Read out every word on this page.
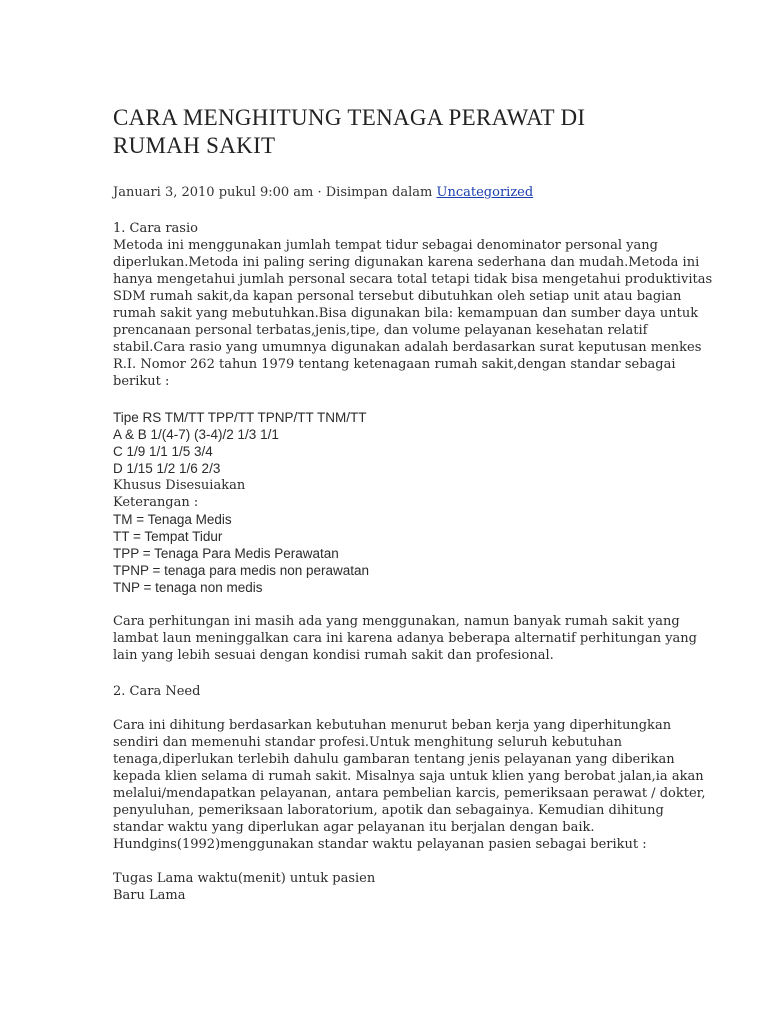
CARA MENGHITUNG TENAGA PERAWAT DI
RUMAH SAKIT
Januari 3, 2010 pukul 9:00 am · Disimpan dalam Uncategorized
1. Cara rasio

Metoda ini menggunakan jumlah tempat tidur sebagai denominator personal yang
diperlukan.Metoda ini paling sering digunakan karena sederhana dan mudah.Metoda ini
hanya mengetahui jumlah personal secara total tetapi tidak bisa mengetahui produktivitas
SDM rumah sakit,da kapan personal tersebut dibutuhkan oleh setiap unit atau bagian
rumah sakit yang mebutuhkan.Bisa digunakan bila: kemampuan dan sumber daya untuk
prencanaan personal terbatas,jenis,tipe, dan volume pelayanan kesehatan relatif
stabil.Cara rasio yang umumnya digunakan adalah berdasarkan surat keputusan menkes
R.I. Nomor 262 tahun 1979 tentang ketenagaan rumah sakit,dengan standar sebagai
berikut :

Tipe RS TM/TT TPP/TT TPNP/TT TNM/TT
A & B 1/(4-7) (3-4)/2 1/3 1/1
C 1/9 1/1 1/5 3/4
D 1/15 1/2 1/6 2/3
Khusus Disesuiakan
Keterangan :
TM = Tenaga Medis
TT = Tempat Tidur
TPP = Tenaga Para Medis Perawatan
TPNP = tenaga para medis non perawatan
TNP = tenaga non medis

Cara perhitungan ini masih ada yang menggunakan, namun banyak rumah sakit yang
lambat laun meninggalkan cara ini karena adanya beberapa alternatif perhitungan yang
lain yang lebih sesuai dengan kondisi rumah sakit dan profesional.

2. Cara Need

Cara ini dihitung berdasarkan kebutuhan menurut beban kerja yang diperhitungkan
sendiri dan memenuhi standar profesi.Untuk menghitung seluruh kebutuhan
tenaga,diperlukan terlebih dahulu gambaran tentang jenis pelayanan yang diberikan
kepada klien selama di rumah sakit. Misalnya saja untuk klien yang berobat jalan,ia akan
melalui/mendapatkan pelayanan, antara pembelian karcis, pemeriksaan perawat / dokter,
penyuluhan, pemeriksaan laboratorium, apotik dan sebagainya. Kemudian dihitung
standar waktu yang diperlukan agar pelayanan itu berjalan dengan baik.
Hundgins(1992)menggunakan standar waktu pelayanan pasien sebagai berikut :

Tugas Lama waktu(menit) untuk pasien
Baru Lama
